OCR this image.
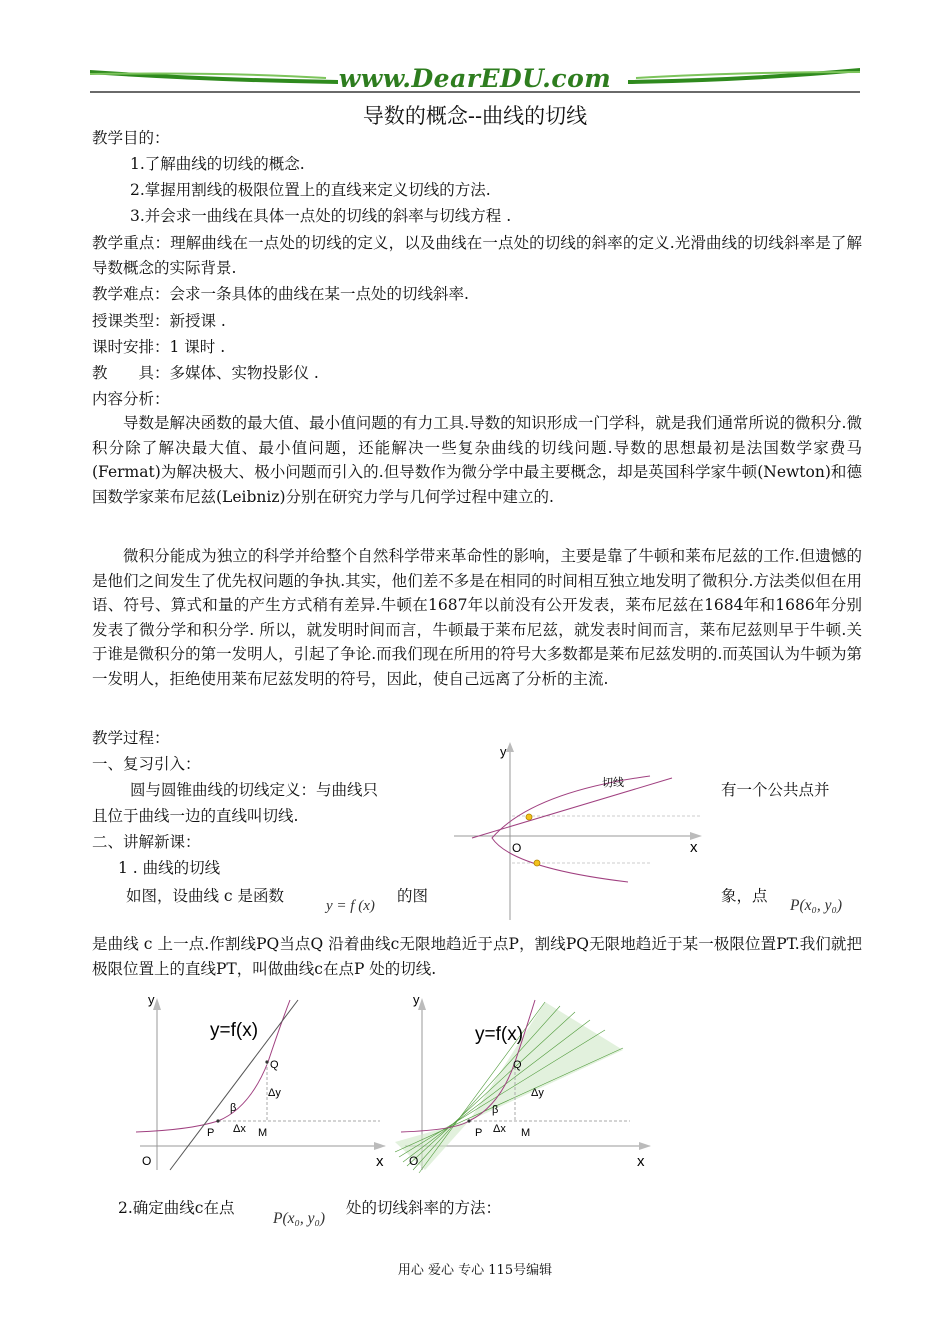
www.DearEDU.com
导数的概念--曲线的切线
教学目的：
1.了解曲线的切线的概念.
2.掌握用割线的极限位置上的直线来定义切线的方法.
3.并会求一曲线在具体一点处的切线的斜率与切线方程 .
教学重点：理解曲线在一点处的切线的定义，以及曲线在一点处的切线的斜率的定义.光滑曲线的切线斜率是了解导数概念的实际背景.
教学难点：会求一条具体的曲线在某一点处的切线斜率.
授课类型：新授课 .
课时安排：1 课时 .
教　　具：多媒体、实物投影仪 .
内容分析：
导数是解决函数的最大值、最小值问题的有力工具.导数的知识形成一门学科，就是我们通常所说的微积分.微积分除了解决最大值、最小值问题，还能解决一些复杂曲线的切线问题.导数的思想最初是法国数学家费马(Fermat)为解决极大、极小问题而引入的.但导数作为微分学中最主要概念，却是英国科学家牛顿(Newton)和德国数学家莱布尼兹(Leibniz)分别在研究力学与几何学过程中建立的.
微积分能成为独立的科学并给整个自然科学带来革命性的影响，主要是靠了牛顿和莱布尼兹的工作.但遗憾的是他们之间发生了优先权问题的争执.其实，他们差不多是在相同的时间相互独立地发明了微积分.方法类似但在用语、符号、算式和量的产生方式稍有差异.牛顿在1687年以前没有公开发表，莱布尼兹在1684年和1686年分别发表了微分学和积分学. 所以，就发明时间而言，牛顿最于莱布尼兹，就发表时间而言，莱布尼兹则早于牛顿.关于谁是微积分的第一发明人，引起了争论.而我们现在所用的符号大多数都是莱布尼兹发明的.而英国认为牛顿为第一发明人，拒绝使用莱布尼兹发明的符号，因此，使自己远离了分析的主流.
教学过程：
一、复习引入：
圆与圆锥曲线的切线定义：与曲线只	有一个公共点并
且位于曲线一边的直线叫切线.
二、讲解新课：
1 . 曲线的切线
如图，设曲线 c 是函数
y = f (x)
的图	象，点
P(x₀, y₀)
是曲线 c 上一点.作割线PQ当点Q 沿着曲线c无限地趋近于点P，割线PQ无限地趋近于某一极限位置PT.我们就把极限位置上的直线PT，叫做曲线c在点P 处的切线.
2.确定曲线c在点
P(x₀, y₀)
处的切线斜率的方法：
y
x
O
切线
y
x
O
y=f(x)
Q
P	M
Δy
Δx
β
y
x
O
y=f(x)
Q
P	M
Δy
Δx
β
用心 爱心 专心 115号编辑
